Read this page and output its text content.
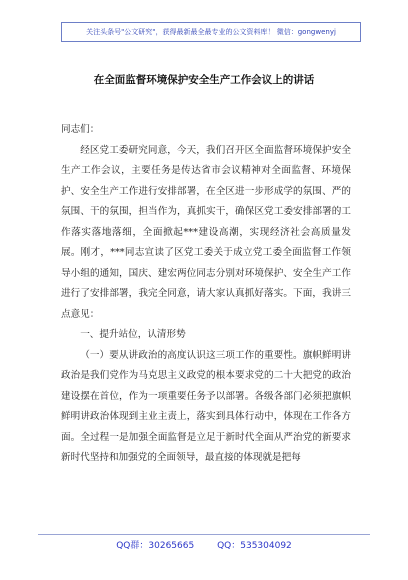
关注头条号"公文研究"，获得最新最全最专业的公文资料库！ 微信：gongwenyj
在全面监督环境保护安全生产工作会议上的讲话

同志们：

经区党工委研究同意，今天，我们召开区全面监督环境保护安全生产工作会议，主要任务是传达省市会议精神对全面监督、环境保护、安全生产工作进行安排部署，在全区进一步形成学的氛围、严的氛围、干的氛围，担当作为，真抓实干，确保区党工委安排部署的工作落实落地落细，全面掀起***建设高潮，实现经济社会高质量发展。刚才，***同志宣读了区党工委关于成立党工委全面监督工作领导小组的通知，国庆、建宏两位同志分别对环境保护、安全生产工作进行了安排部署，我完全同意，请大家认真抓好落实。下面，我讲三点意见：

一、提升站位，认清形势

（一）要从讲政治的高度认识这三项工作的重要性。旗帜鲜明讲政治是我们党作为马克思主义政党的根本要求党的二十大把党的政治建设摆在首位，作为一项重要任务予以部署。各级各部门必须把旗帜鲜明讲政治体现到主业主责上，落实到具体行动中，体现在工作各方面。全过程一是加强全面监督是立足于新时代全面从严治党的新要求新时代坚持和加强党的全面领导，最直接的体现就是把每

QQ群：30265665	QQ：535304092
